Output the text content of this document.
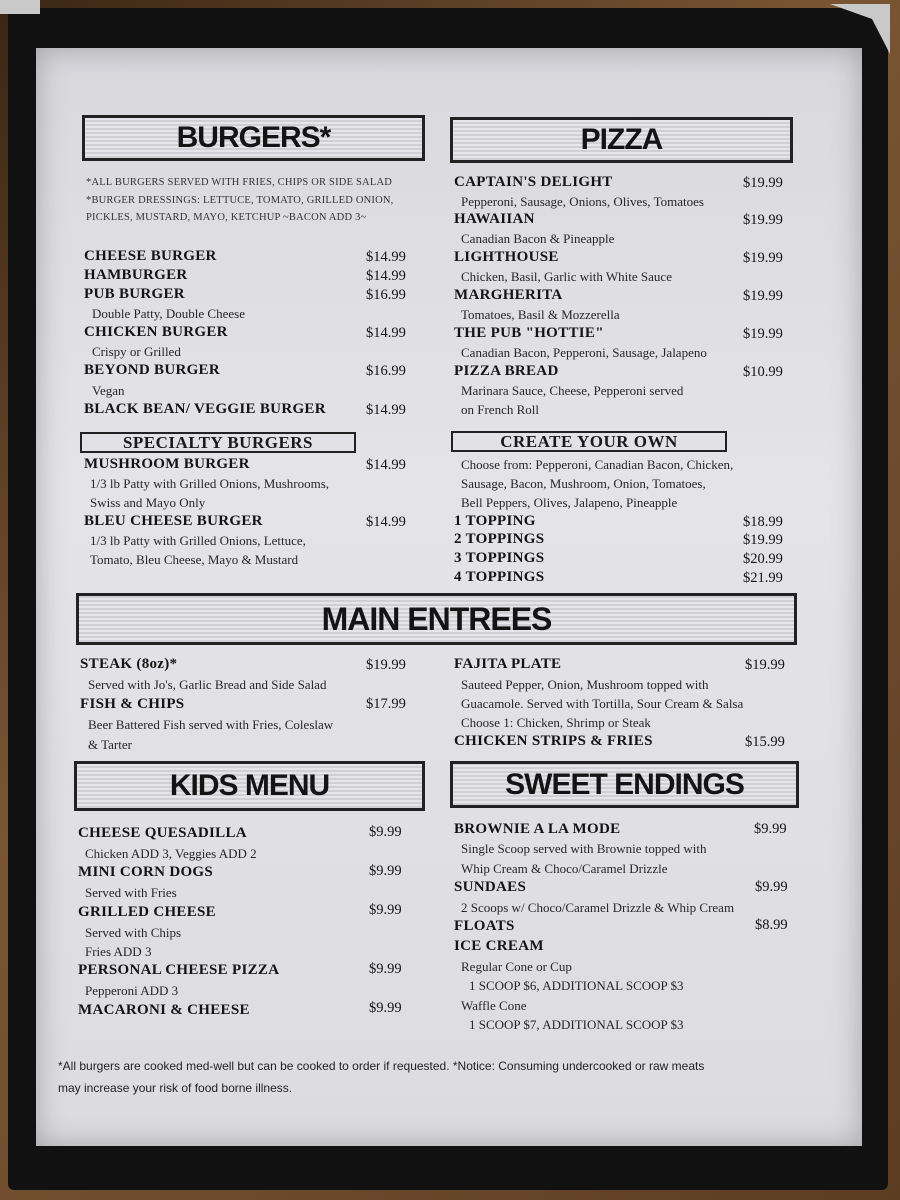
BURGERS*
*ALL BURGERS SERVED WITH FRIES, CHIPS OR SIDE SALAD
*BURGER DRESSINGS: LETTUCE, TOMATO, GRILLED ONION,
PICKLES, MUSTARD, MAYO, KETCHUP ~BACON ADD 3~
CHEESE BURGER	$14.99
HAMBURGER	$14.99
PUB BURGER	$16.99
Double Patty, Double Cheese
CHICKEN BURGER	$14.99
Crispy or Grilled
BEYOND BURGER	$16.99
Vegan
BLACK BEAN/ VEGGIE BURGER	$14.99
SPECIALTY BURGERS
MUSHROOM BURGER	$14.99
1/3 lb Patty with Grilled Onions, Mushrooms,
Swiss and Mayo Only
BLEU CHEESE BURGER	$14.99
1/3 lb Patty with Grilled Onions, Lettuce,
Tomato, Bleu Cheese, Mayo & Mustard
PIZZA
CAPTAIN'S DELIGHT	$19.99
Pepperoni, Sausage, Onions, Olives, Tomatoes
HAWAIIAN	$19.99
Canadian Bacon & Pineapple
LIGHTHOUSE	$19.99
Chicken, Basil, Garlic with White Sauce
MARGHERITA	$19.99
Tomatoes, Basil & Mozzerella
THE PUB "HOTTIE"	$19.99
Canadian Bacon, Pepperoni, Sausage, Jalapeno
PIZZA BREAD	$10.99
Marinara Sauce, Cheese, Pepperoni served
on French Roll
CREATE YOUR OWN
Choose from: Pepperoni, Canadian Bacon, Chicken,
Sausage, Bacon, Mushroom, Onion, Tomatoes,
Bell Peppers, Olives, Jalapeno, Pineapple
1 TOPPING	$18.99
2 TOPPINGS	$19.99
3 TOPPINGS	$20.99
4 TOPPINGS	$21.99
MAIN ENTREES
STEAK (8oz)*	$19.99
Served with Jo's, Garlic Bread and Side Salad
FISH & CHIPS	$17.99
Beer Battered Fish served with Fries, Coleslaw
& Tarter
FAJITA PLATE	$19.99
Sauteed Pepper, Onion, Mushroom topped with
Guacamole. Served with Tortilla, Sour Cream & Salsa
Choose 1: Chicken, Shrimp or Steak
CHICKEN STRIPS & FRIES	$15.99
KIDS MENU
CHEESE QUESADILLA	$9.99
Chicken ADD 3, Veggies ADD 2
MINI CORN DOGS	$9.99
Served with Fries
GRILLED CHEESE	$9.99
Served with Chips
Fries ADD 3
PERSONAL CHEESE PIZZA	$9.99
Pepperoni ADD 3
MACARONI & CHEESE	$9.99
SWEET ENDINGS
BROWNIE A LA MODE	$9.99
Single Scoop served with Brownie topped with
Whip Cream & Choco/Caramel Drizzle
SUNDAES	$9.99
2 Scoops w/ Choco/Caramel Drizzle & Whip Cream
FLOATS	$8.99
ICE CREAM
Regular Cone or Cup
1 SCOOP $6, ADDITIONAL SCOOP $3
Waffle Cone
1 SCOOP $7, ADDITIONAL SCOOP $3
*All burgers are cooked med-well but can be cooked to order if requested. *Notice: Consuming undercooked or raw meats
may increase your risk of food borne illness.
